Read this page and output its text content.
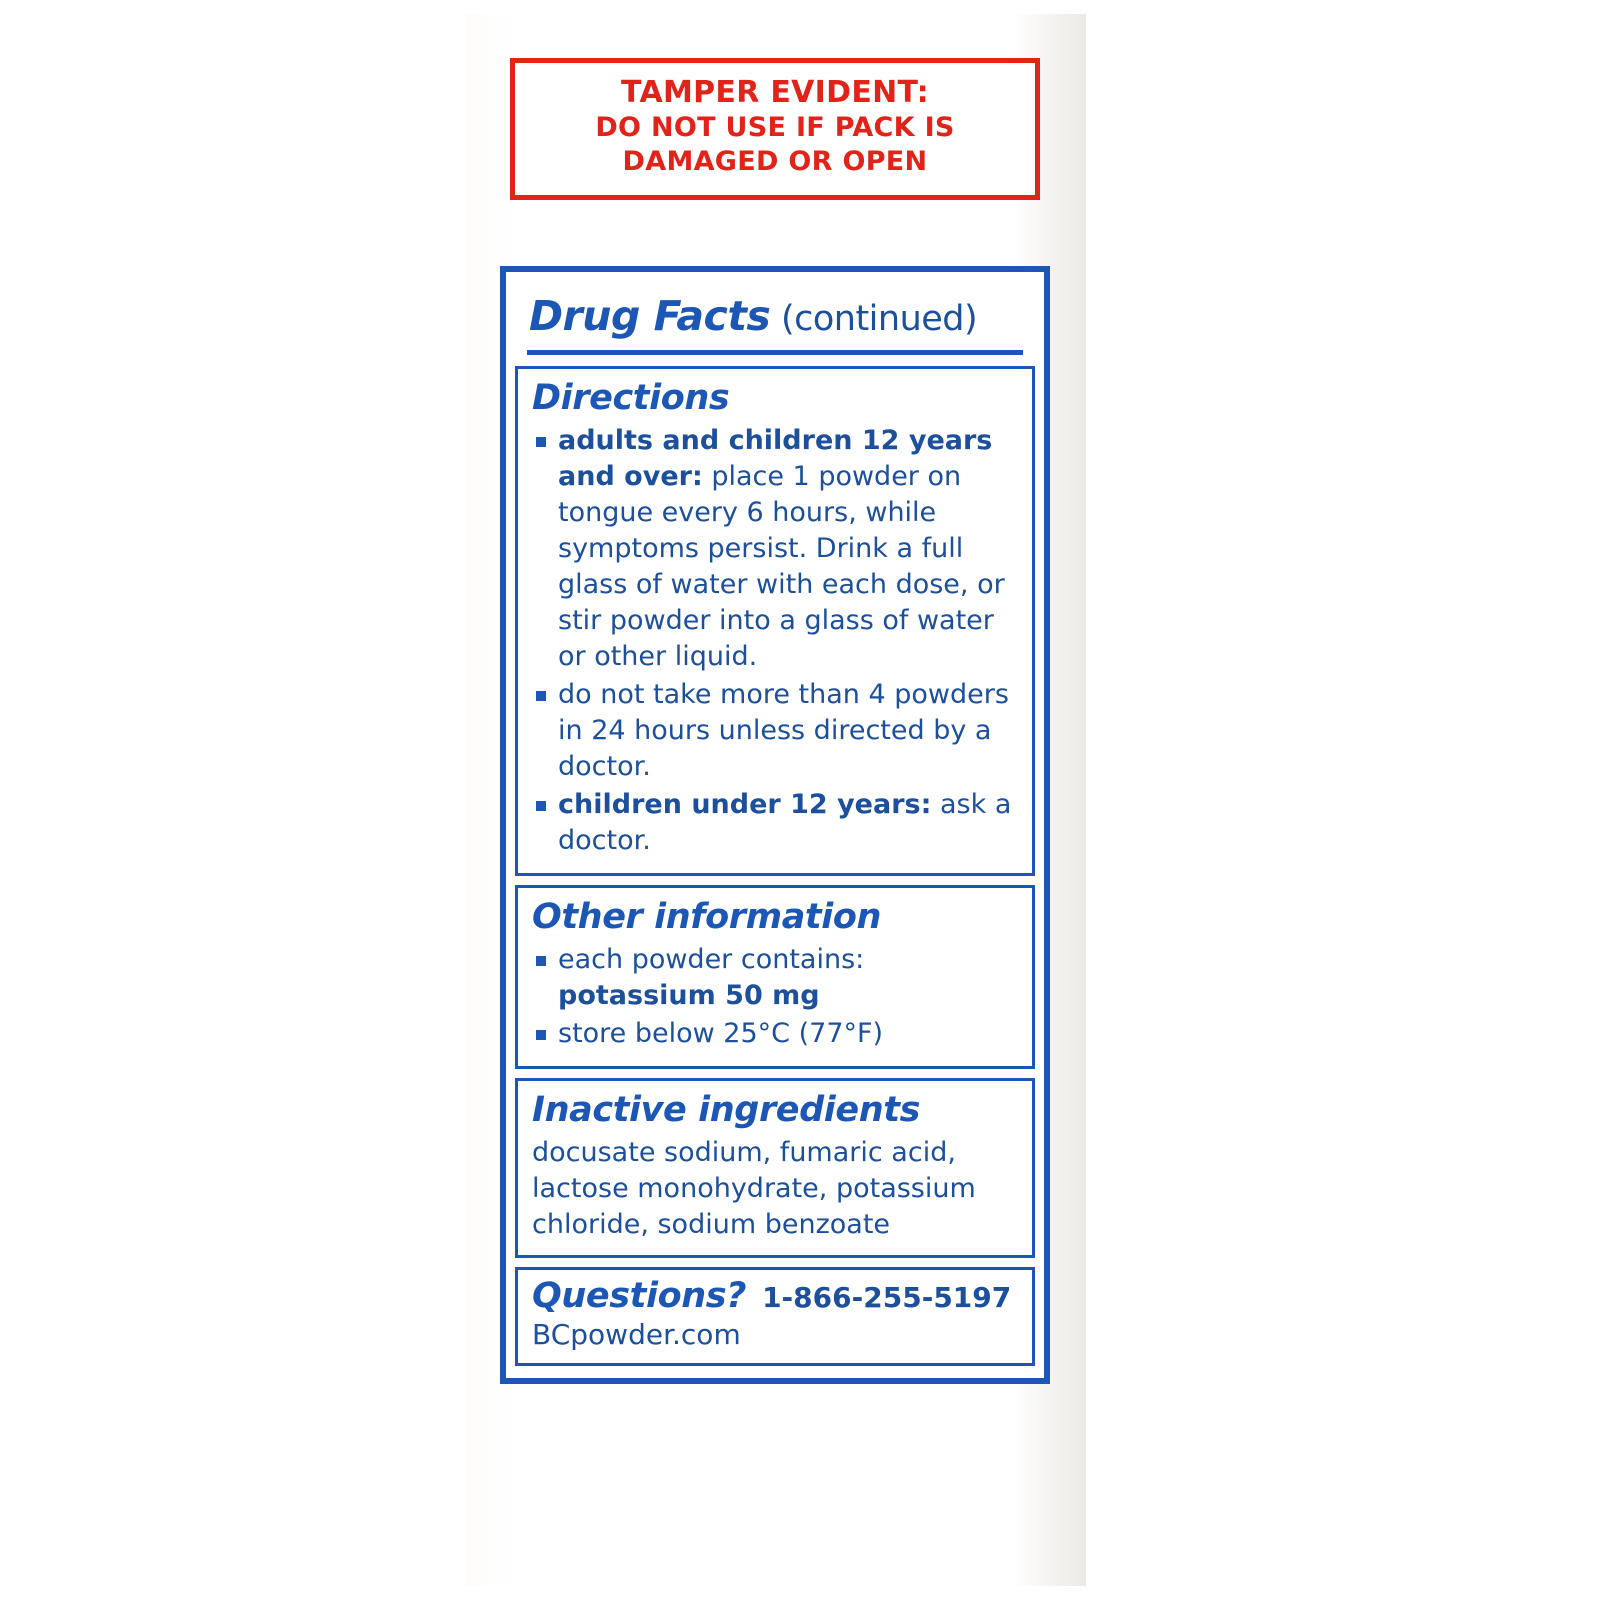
TAMPER EVIDENT:
DO NOT USE IF PACK IS
DAMAGED OR OPEN
Drug Facts (continued)
Directions
adults and children 12 years and over: place 1 powder on tongue every 6 hours, while symptoms persist. Drink a full glass of water with each dose, or stir powder into a glass of water or other liquid.
do not take more than 4 powders in 24 hours unless directed by a doctor.
children under 12 years: ask a doctor.
Other information
each powder contains:
potassium 50 mg
store below 25°C (77°F)
Inactive ingredients
docusate sodium, fumaric acid, lactose monohydrate, potassium chloride, sodium benzoate
Questions? 1-866-255-5197
BCpowder.com
